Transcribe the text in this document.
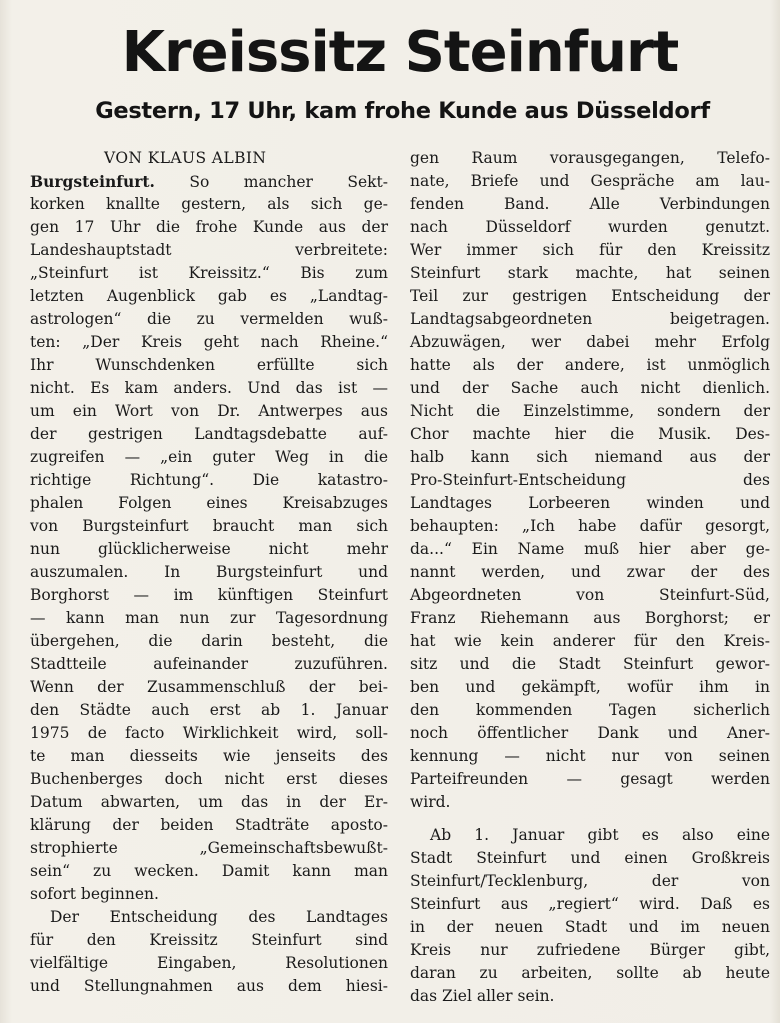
Kreissitz Steinfurt
Gestern, 17 Uhr, kam frohe Kunde aus Düsseldorf
VON KLAUS ALBIN
Burgsteinfurt. So mancher Sekt-
korken knallte gestern, als sich ge-
gen 17 Uhr die frohe Kunde aus der
Landeshauptstadt verbreitete:
„Steinfurt ist Kreissitz.“ Bis zum
letzten Augenblick gab es „Landtag-
astrologen“ die zu vermelden wuß-
ten: „Der Kreis geht nach Rheine.“
Ihr Wunschdenken erfüllte sich
nicht. Es kam anders. Und das ist —
um ein Wort von Dr. Antwerpes aus
der gestrigen Landtagsdebatte auf-
zugreifen — „ein guter Weg in die
richtige Richtung“. Die katastro-
phalen Folgen eines Kreisabzuges
von Burgsteinfurt braucht man sich
nun glücklicherweise nicht mehr
auszumalen. In Burgsteinfurt und
Borghorst — im künftigen Steinfurt
— kann man nun zur Tagesordnung
übergehen, die darin besteht, die
Stadtteile aufeinander zuzuführen.
Wenn der Zusammenschluß der bei-
den Städte auch erst ab 1. Januar
1975 de facto Wirklichkeit wird, soll-
te man diesseits wie jenseits des
Buchenberges doch nicht erst dieses
Datum abwarten, um das in der Er-
klärung der beiden Stadträte aposto-
strophierte „Gemeinschaftsbewußt-
sein“ zu wecken. Damit kann man
sofort beginnen.
Der Entscheidung des Landtages
für den Kreissitz Steinfurt sind
vielfältige Eingaben, Resolutionen
und Stellungnahmen aus dem hiesi-
gen Raum vorausgegangen, Telefo-
nate, Briefe und Gespräche am lau-
fenden Band. Alle Verbindungen
nach Düsseldorf wurden genutzt.
Wer immer sich für den Kreissitz
Steinfurt stark machte, hat seinen
Teil zur gestrigen Entscheidung der
Landtagsabgeordneten beigetragen.
Abzuwägen, wer dabei mehr Erfolg
hatte als der andere, ist unmöglich
und der Sache auch nicht dienlich.
Nicht die Einzelstimme, sondern der
Chor machte hier die Musik. Des-
halb kann sich niemand aus der
Pro-Steinfurt-Entscheidung des
Landtages Lorbeeren winden und
behaupten: „Ich habe dafür gesorgt,
da...“ Ein Name muß hier aber ge-
nannt werden, und zwar der des
Abgeordneten von Steinfurt-Süd,
Franz Riehemann aus Borghorst; er
hat wie kein anderer für den Kreis-
sitz und die Stadt Steinfurt gewor-
ben und gekämpft, wofür ihm in
den kommenden Tagen sicherlich
noch öffentlicher Dank und Aner-
kennung — nicht nur von seinen
Parteifreunden — gesagt werden
wird.
Ab 1. Januar gibt es also eine
Stadt Steinfurt und einen Großkreis
Steinfurt/Tecklenburg, der von
Steinfurt aus „regiert“ wird. Daß es
in der neuen Stadt und im neuen
Kreis nur zufriedene Bürger gibt,
daran zu arbeiten, sollte ab heute
das Ziel aller sein.
